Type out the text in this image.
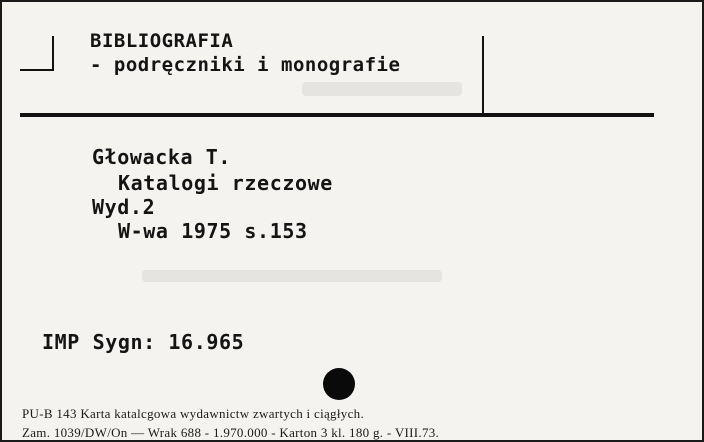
BIBLIOGRAFIA
- podręczniki i monografie
Głowacka T.
Katalogi rzeczowe
Wyd.2
W-wa 1975 s.153
IMP Sygn: 16.965
PU-B 143 Karta katalcgowa wydawnictw zwartych i ciągłych.
Zam. 1039/DW/On — Wrak 688 - 1.970.000 - Karton 3 kl. 180 g. - VIII.73.
